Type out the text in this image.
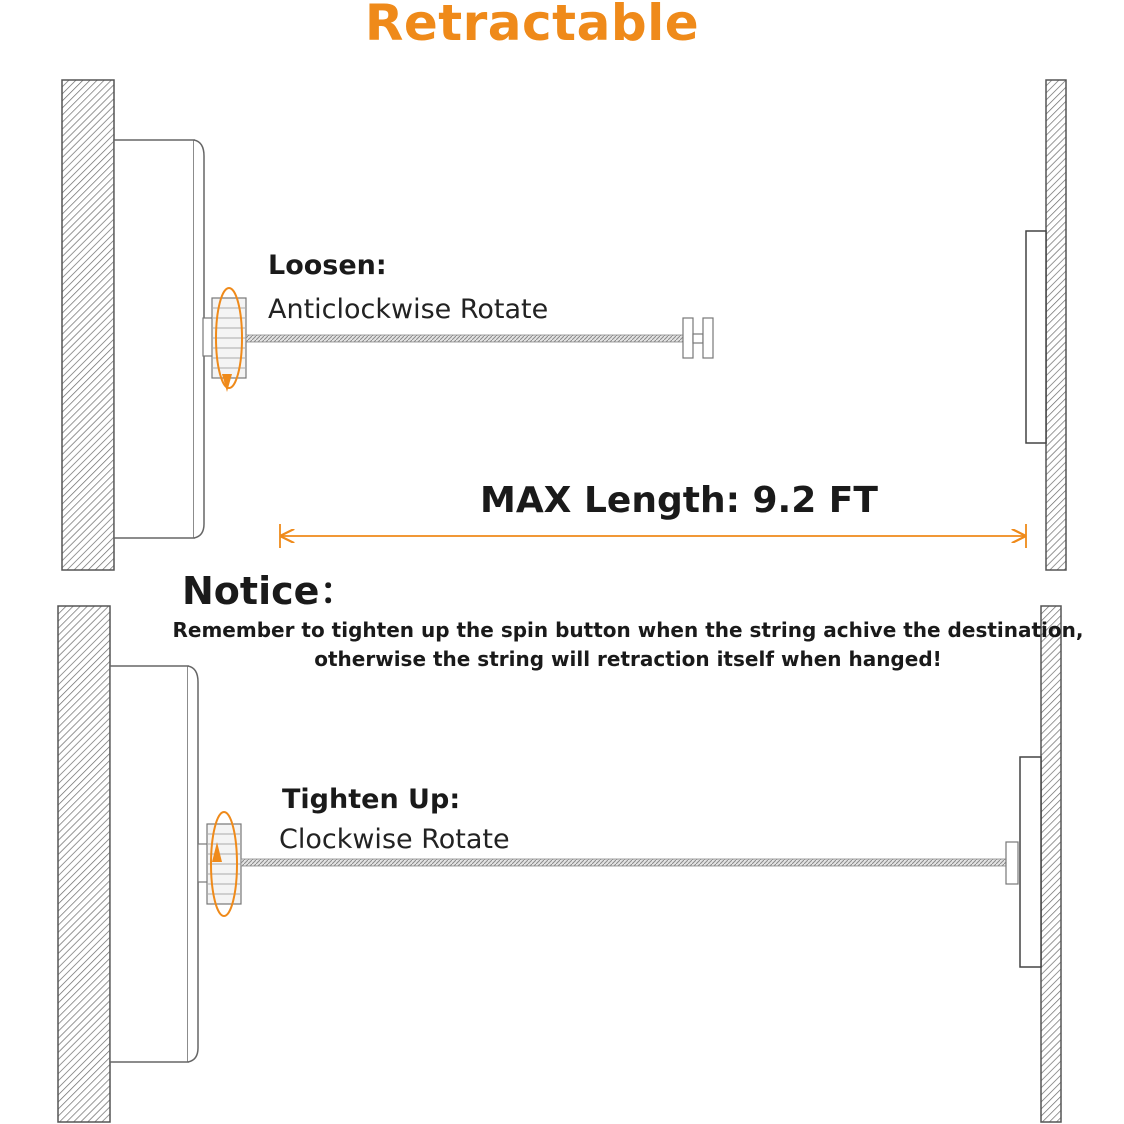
Retractable
Loosen:
Anticlockwise Rotate
MAX Length: 9.2 FT
Notice：
Remember to tighten up the spin button when the string achive the destination,
otherwise the string will retraction itself when hanged!
Tighten Up:
Clockwise Rotate
